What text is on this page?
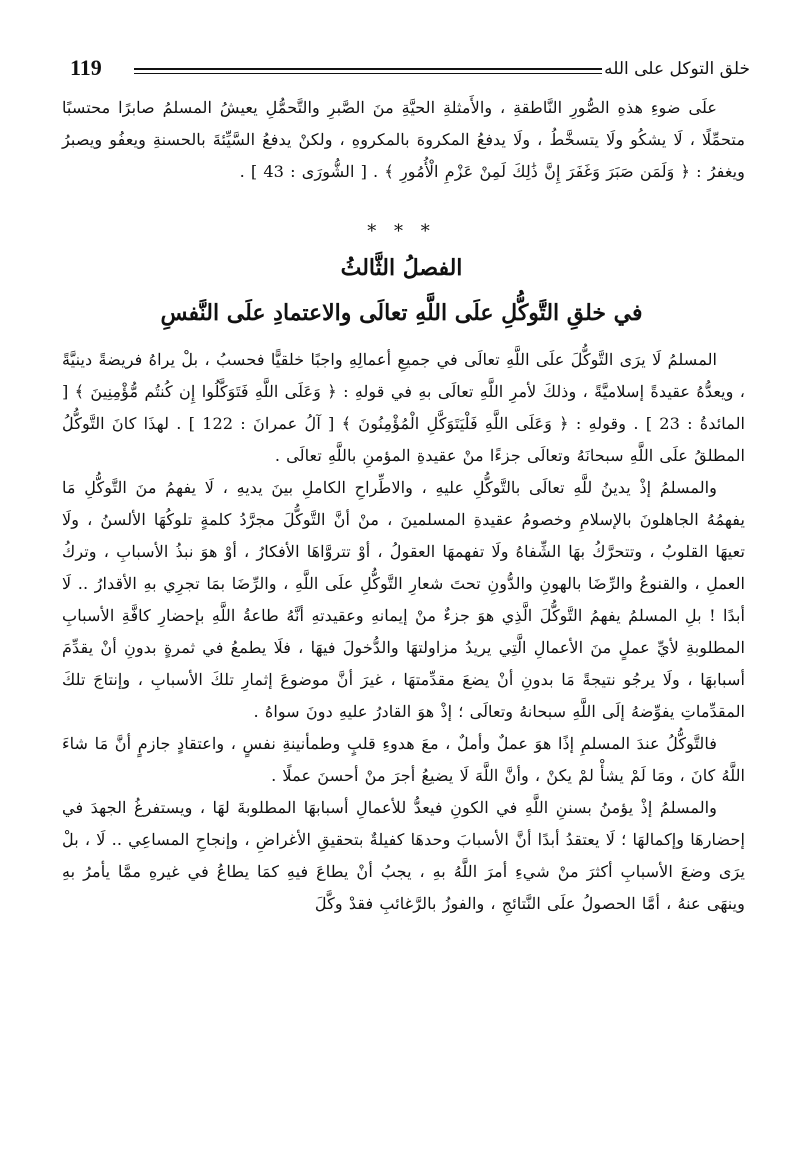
خلق التوكل على الله
119

علَى ضوءِ هذهِ الصُّورِ النَّاطقةِ ، والأَمثلةِ الحيَّةِ منَ الصَّبرِ والتَّحمُّلِ يعيشُ المسلمُ صابرًا محتسبًا متحمِّلًا ، لَا يشكُو ولَا يتسخَّطُ ، ولَا يدفعُ المكروهَ بالمكروهِ ، ولكنْ يدفعُ السَّيِّئةَ بالحسنةِ ويعفُو ويصبرُ ويغفرُ : ﴿ وَلَمَن صَبَرَ وَغَفَرَ إِنَّ ذَٰلِكَ لَمِنْ عَزْمِ الْأُمُورِ ﴾ . [ الشُّورَى : 43 ] .

* * *
الفصلُ الثَّالثُ
في خلقِ التَّوكُّلِ علَى اللَّهِ تعالَى والاعتمادِ علَى النَّفسِ

المسلمُ لَا يرَى التَّوكُّلَ علَى اللَّهِ تعالَى في جميعِ أعمالِهِ واجبًا خلقيًّا فحسبُ ، بلْ يراهُ فريضةً دينيَّةً ، ويعدُّهُ عقيدةً إسلاميَّةً ، وذلكَ لأمرِ اللَّهِ تعالَى بهِ في قولهِ : ﴿ وَعَلَى اللَّهِ فَتَوَكَّلُوا إِن كُنتُم مُّؤْمِنِينَ ﴾ [ المائدةُ : 23 ] . وقولهِ : ﴿ وَعَلَى اللَّهِ فَلْيَتَوَكَّلِ الْمُؤْمِنُونَ ﴾ [ آلُ عمرانَ : 122 ] . لهذَا كانَ التَّوكُّلُ المطلقُ علَى اللَّهِ سبحانَهُ وتعالَى جزءًا منْ عقيدةِ المؤمنِ باللَّهِ تعالَى .

والمسلمُ إذْ يدينُ للَّهِ تعالَى بالتَّوكُّلِ عليهِ ، والاطِّراحِ الكاملِ بينَ يديهِ ، لَا يفهمُ منَ التَّوكُّلِ مَا يفهمُهُ الجاهلونَ بالإسلامِ وخصومُ عقيدةِ المسلمينَ ، منْ أنَّ التَّوكُّلَ مجرَّدُ كلمةٍ تلوكُهَا الألسنُ ، ولَا تعيهَا القلوبُ ، وتتحرَّكُ بهَا الشِّفاهُ ولَا تفهمهَا العقولُ ، أوْ تتروَّاهَا الأفكارُ ، أوْ هوَ نبذُ الأسبابِ ، وتركُ العملِ ، والقنوعُ والرِّضَا بالهونِ والدُّونِ تحتَ شعارِ التَّوكُّلِ علَى اللَّهِ ، والرِّضَا بمَا تجرِي بهِ الأقدارُ .. لَا أبدًا ! بلِ المسلمُ يفهمُ التَّوكُّلَ الَّذِي هوَ جزءٌ منْ إيمانهِ وعقيدتهِ أنَّهُ طاعةُ اللَّهِ بإحضارِ كافَّةِ الأسبابِ المطلوبةِ لأيِّ عملٍ منَ الأعمالِ الَّتِي يريدُ مزاولتهَا والدُّخولَ فيهَا ، فلَا يطمعُ في ثمرةٍ بدونِ أنْ يقدِّمَ أسبابهَا ، ولَا يرجُو نتيجةً مَا بدونِ أنْ يضعَ مقدِّمتهَا ، غيرَ أنَّ موضوعَ إثمارِ تلكَ الأسبابِ ، وإنتاجَ تلكَ المقدِّماتِ يفوِّضهُ إلَى اللَّهِ سبحانهُ وتعالَى ؛ إذْ هوَ القادرُ عليهِ دونَ سواهُ .

فالتَّوكُّلُ عندَ المسلمِ إذًا هوَ عملٌ وأملٌ ، معَ هدوءِ قلبٍ وطمأنينةِ نفسٍ ، واعتقادٍ جازمٍ أنَّ مَا شاءَ اللَّهُ كانَ ، ومَا لَمْ يشأْ لمْ يكنْ ، وأنَّ اللَّهَ لَا يضيعُ أجرَ منْ أحسنَ عملًا .

والمسلمُ إذْ يؤمنُ بسننِ اللَّهِ في الكونِ فيعدُّ للأعمالِ أسبابهَا المطلوبةَ لهَا ، ويستفرغُ الجهدَ في إحضارهَا وإكمالهَا ؛ لَا يعتقدُ أبدًا أنَّ الأسبابَ وحدهَا كفيلةٌ بتحقيقِ الأغراضِ ، وإنجاحِ المساعِي .. لَا ، بلْ يرَى وضعَ الأسبابِ أكثرَ منْ شيءِ أمرَ اللَّهُ بهِ ، يجبُ أنْ يطاعَ فيهِ كمَا يطاعُ في غيرهِ ممَّا يأمرُ بهِ وينهَى عنهُ ، أمَّا الحصولُ علَى النَّتائجِ ، والفوزُ بالرَّغائبِ فقدْ وكَّلَ
